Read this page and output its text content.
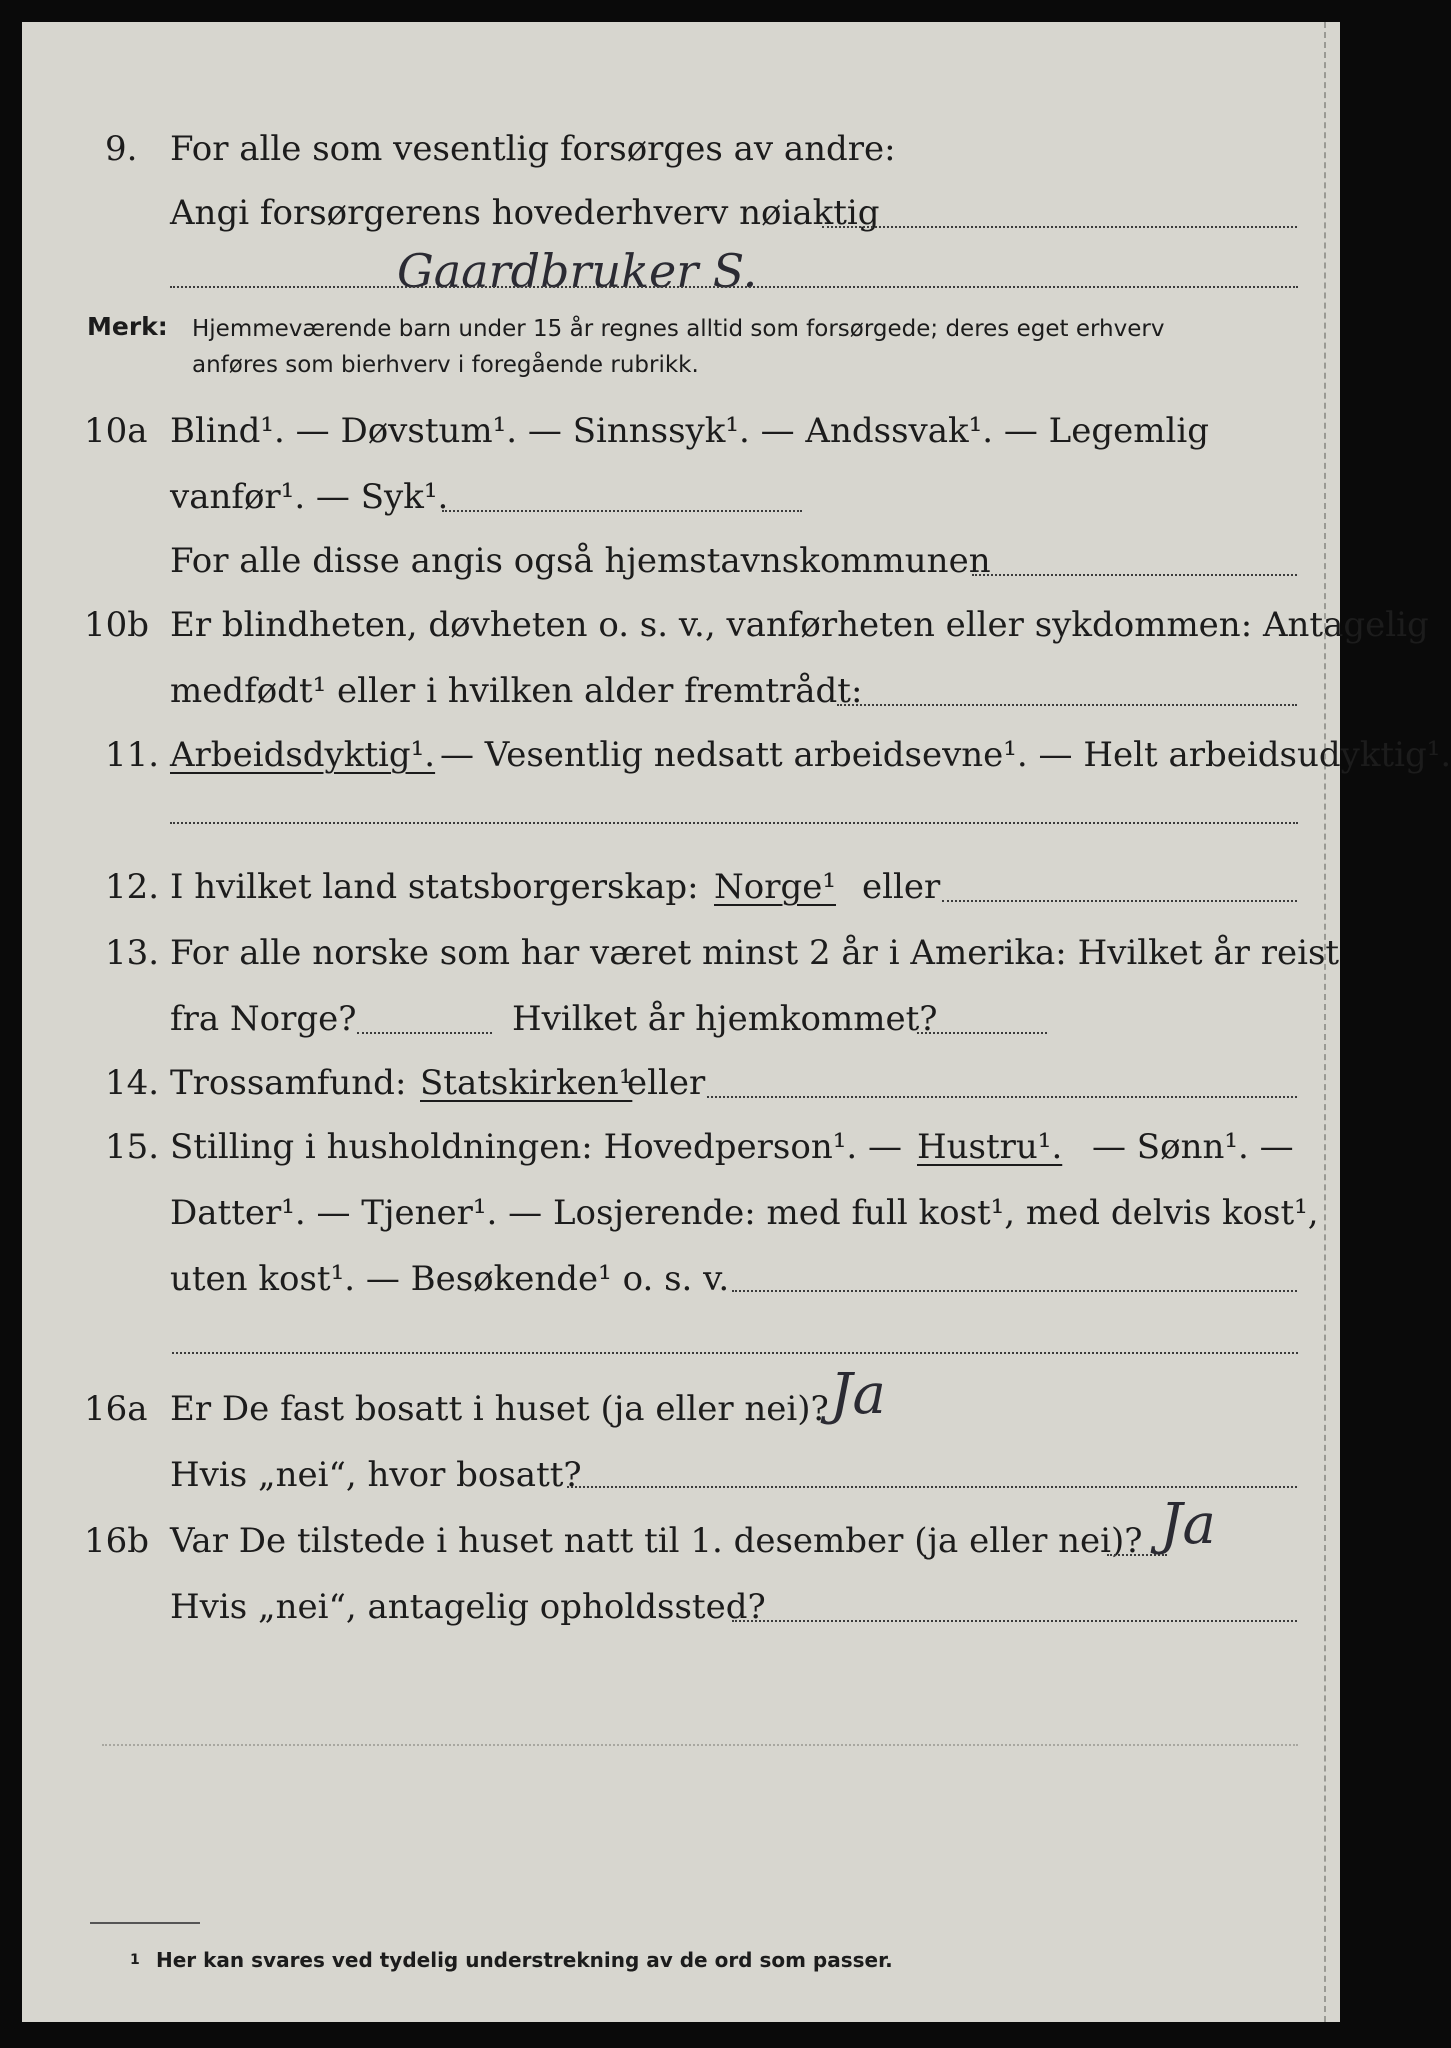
9. For alle som vesentlig forsørges av andre:
Angi forsørgerens hovederhverv nøiaktig
Gaardbruker S.
Merk: Hjemmeværende barn under 15 år regnes alltid som forsørgede; deres eget erhverv
anføres som bierhverv i foregående rubrikk.
10a Blind¹. — Døvstum¹. — Sinnssyk¹. — Andssvak¹. — Legemlig
vanfør¹. — Syk¹.
For alle disse angis også hjemstavnskommunen
10b Er blindheten, døvheten o. s. v., vanførheten eller sykdommen: Antagelig
medfødt¹ eller i hvilken alder fremtrådt:
11. Arbeidsdyktig¹. — Vesentlig nedsatt arbeidsevne¹. — Helt arbeidsudyktig¹.
12. I hvilket land statsborgerskap: Norge¹ eller
13. For alle norske som har været minst 2 år i Amerika: Hvilket år reist
fra Norge?	Hvilket år hjemkommet?
14. Trossamfund: Statskirken¹
eller
15. Stilling i husholdningen: Hovedperson¹. — Hustru¹. — Sønn¹. —
Datter¹. — Tjener¹. — Losjerende: med full kost¹, med delvis kost¹,
uten kost¹. — Besøkende¹ o. s. v.
16a Er De fast bosatt i huset (ja eller nei)? Ja
Hvis „nei“, hvor bosatt?
16b Var De tilstede i huset natt til 1. desember (ja eller nei)? Ja
Hvis „nei“, antagelig opholdssted?
1 Her kan svares ved tydelig understrekning av de ord som passer.
